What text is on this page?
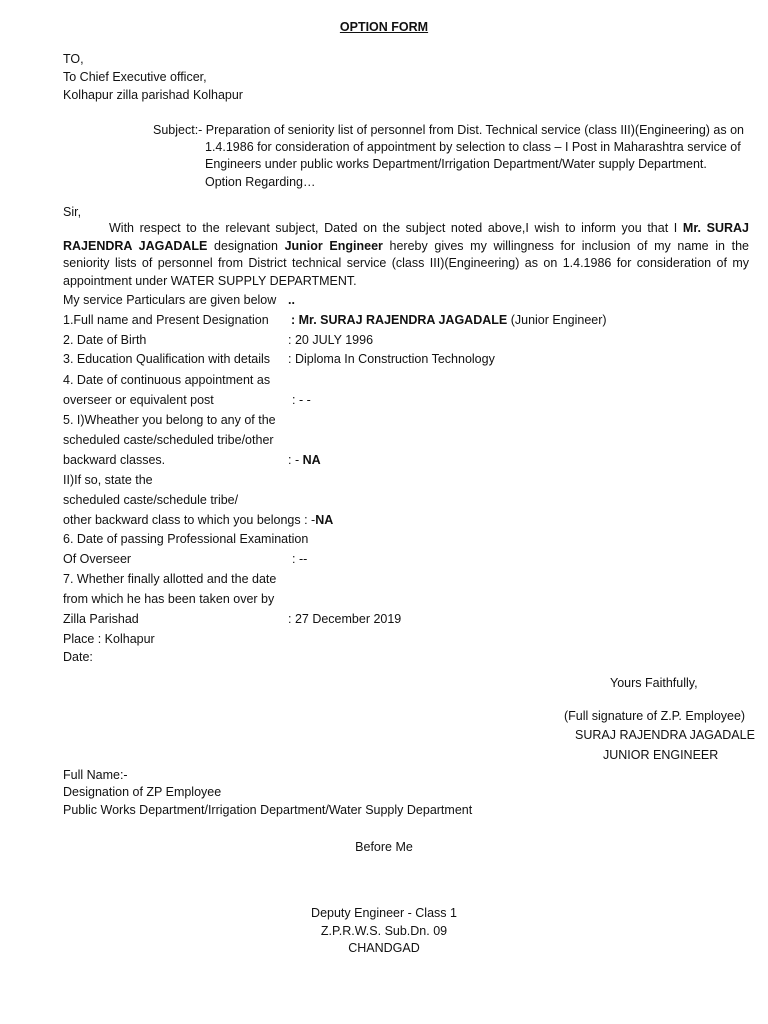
OPTION FORM
TO,
To Chief Executive officer,
Kolhapur zilla parishad Kolhapur
Subject:- Preparation of seniority list of personnel from Dist. Technical service (class III)(Engineering) as on
1.4.1986 for consideration of appointment by selection to class – I Post in Maharashtra service of
Engineers under public works Department/Irrigation Department/Water supply Department.
Option Regarding…
Sir,
With respect to the relevant subject, Dated on the subject noted above,I wish to inform you that I Mr. SURAJ RAJENDRA JAGADALE designation Junior Engineer hereby gives my willingness for inclusion of my name in the seniority lists of personnel from District technical service (class III)(Engineering) as on 1.4.1986 for consideration of my appointment under WATER SUPPLY DEPARTMENT.
My service Particulars are given below ..
1.Full name and Present Designation : Mr. SURAJ RAJENDRA JAGADALE (Junior Engineer)
2. Date of Birth	: 20 JULY 1996
3. Education Qualification with details : Diploma In Construction Technology
4. Date of continuous appointment as
overseer or equivalent post	: - -
5. I)Wheather you belong to any of the
scheduled caste/scheduled tribe/other
backward classes.	: - NA
II)If so, state the
scheduled caste/schedule tribe/
other backward class to which you belongs : -NA
6. Date of passing Professional Examination
Of Overseer	: --
7. Whether finally allotted and the date
from which he has been taken over by
Zilla Parishad	: 27 December 2019
Place : Kolhapur
Date:
Yours Faithfully,
(Full signature of Z.P. Employee)
SURAJ RAJENDRA JAGADALE
JUNIOR ENGINEER
Full Name:-
Designation of ZP Employee
Public Works Department/Irrigation Department/Water Supply Department
Before Me
Deputy Engineer - Class 1
Z.P.R.W.S. Sub.Dn. 09
CHANDGAD
